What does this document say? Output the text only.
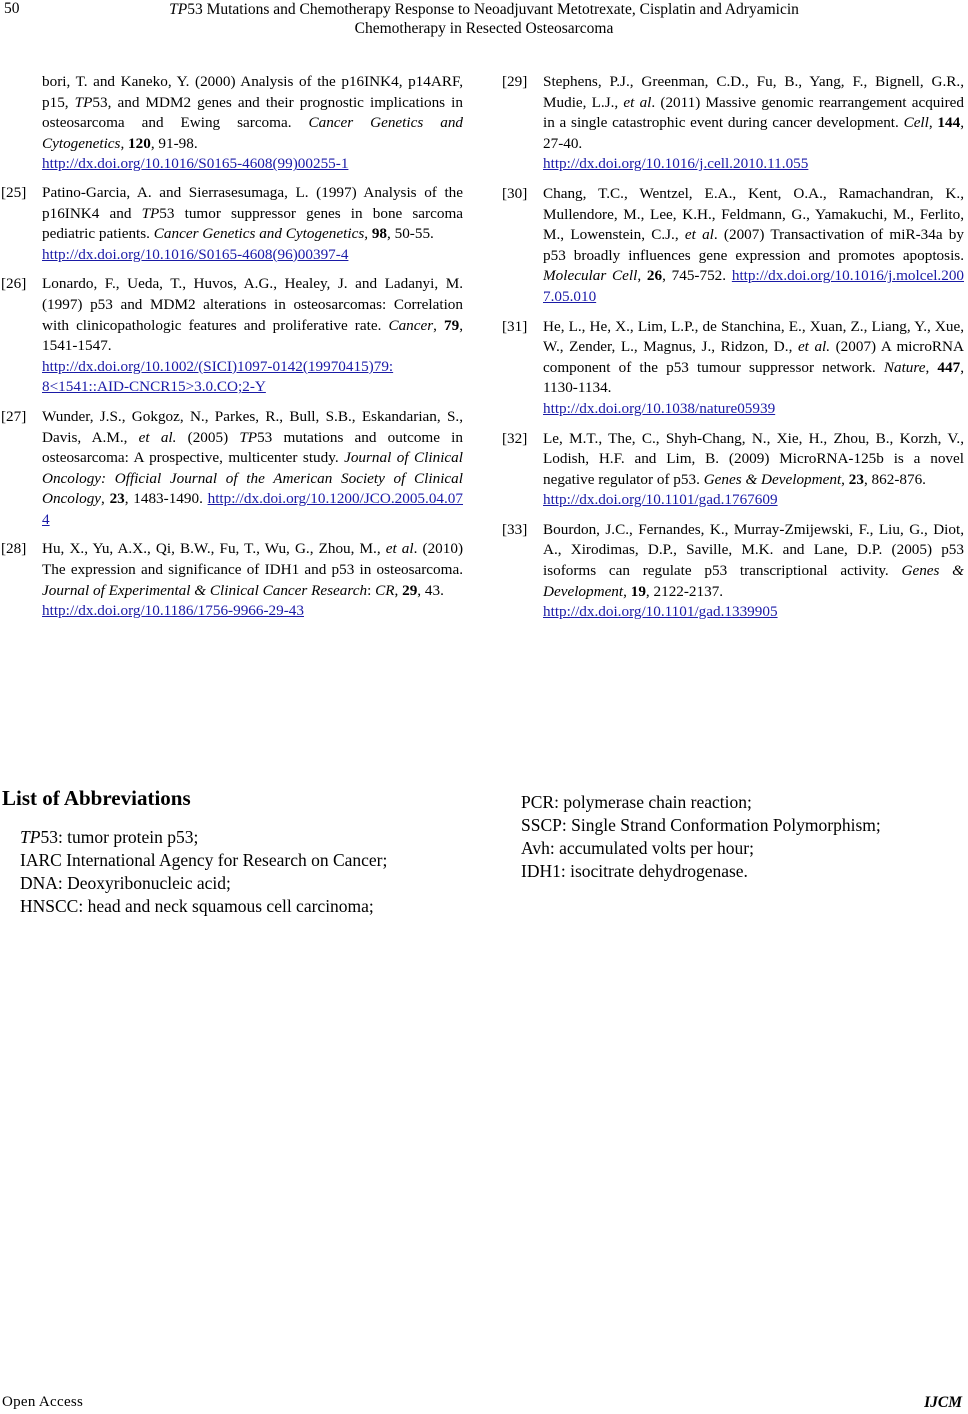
50	TP53 Mutations and Chemotherapy Response to Neoadjuvant Metotrexate, Cisplatin and Adryamicin
Chemotherapy in Resected Osteosarcoma
bori, T. and Kaneko, Y. (2000) Analysis of the p16INK4, p14ARF, p15, TP53, and MDM2 genes and their prognostic implications in osteosarcoma and Ewing sarcoma. Cancer Genetics and Cytogenetics, 120, 91-98.
http://dx.doi.org/10.1016/S0165-4608(99)00255-1
[25] Patino-Garcia, A. and Sierrasesumaga, L. (1997) Analysis of the p16INK4 and TP53 tumor suppressor genes in bone sarcoma pediatric patients. Cancer Genetics and Cytogenetics, 98, 50-55.
http://dx.doi.org/10.1016/S0165-4608(96)00397-4
[26] Lonardo, F., Ueda, T., Huvos, A.G., Healey, J. and Ladanyi, M. (1997) p53 and MDM2 alterations in osteosarcomas: Correlation with clinicopathologic features and proliferative rate. Cancer, 79, 1541-1547.
http://dx.doi.org/10.1002/(SICI)1097-0142(19970415)79:
8<1541::AID-CNCR15>3.0.CO;2-Y
[27] Wunder, J.S., Gokgoz, N., Parkes, R., Bull, S.B., Eskandarian, S., Davis, A.M., et al. (2005) TP53 mutations and outcome in osteosarcoma: A prospective, multicenter study. Journal of Clinical Oncology: Official Journal of the American Society of Clinical Oncology, 23, 1483-1490. http://dx.doi.org/10.1200/JCO.2005.04.074
[28] Hu, X., Yu, A.X., Qi, B.W., Fu, T., Wu, G., Zhou, M., et al. (2010) The expression and significance of IDH1 and p53 in osteosarcoma. Journal of Experimental & Clinical Cancer Research: CR, 29, 43.
http://dx.doi.org/10.1186/1756-9966-29-43
[29] Stephens, P.J., Greenman, C.D., Fu, B., Yang, F., Bignell, G.R., Mudie, L.J., et al. (2011) Massive genomic rearrangement acquired in a single catastrophic event during cancer development. Cell, 144, 27-40.
http://dx.doi.org/10.1016/j.cell.2010.11.055
[30] Chang, T.C., Wentzel, E.A., Kent, O.A., Ramachandran, K., Mullendore, M., Lee, K.H., Feldmann, G., Yamakuchi, M., Ferlito, M., Lowenstein, C.J., et al. (2007) Transactivation of miR-34a by p53 broadly influences gene expression and promotes apoptosis. Molecular Cell, 26, 745-752. http://dx.doi.org/10.1016/j.molcel.2007.05.010
[31] He, L., He, X., Lim, L.P., de Stanchina, E., Xuan, Z., Liang, Y., Xue, W., Zender, L., Magnus, J., Ridzon, D., et al. (2007) A microRNA component of the p53 tumour suppressor network. Nature, 447, 1130-1134.
http://dx.doi.org/10.1038/nature05939
[32] Le, M.T., The, C., Shyh-Chang, N., Xie, H., Zhou, B., Korzh, V., Lodish, H.F. and Lim, B. (2009) MicroRNA-125b is a novel negative regulator of p53. Genes & Development, 23, 862-876.
http://dx.doi.org/10.1101/gad.1767609
[33] Bourdon, J.C., Fernandes, K., Murray-Zmijewski, F., Liu, G., Diot, A., Xirodimas, D.P., Saville, M.K. and Lane, D.P. (2005) p53 isoforms can regulate p53 transcriptional activity. Genes & Development, 19, 2122-2137.
http://dx.doi.org/10.1101/gad.1339905
List of Abbreviations
TP53: tumor protein p53;
IARC International Agency for Research on Cancer;
DNA: Deoxyribonucleic acid;
HNSCC: head and neck squamous cell carcinoma;
PCR: polymerase chain reaction;
SSCP: Single Strand Conformation Polymorphism;
Avh: accumulated volts per hour;
IDH1: isocitrate dehydrogenase.
Open Access	IJCM
